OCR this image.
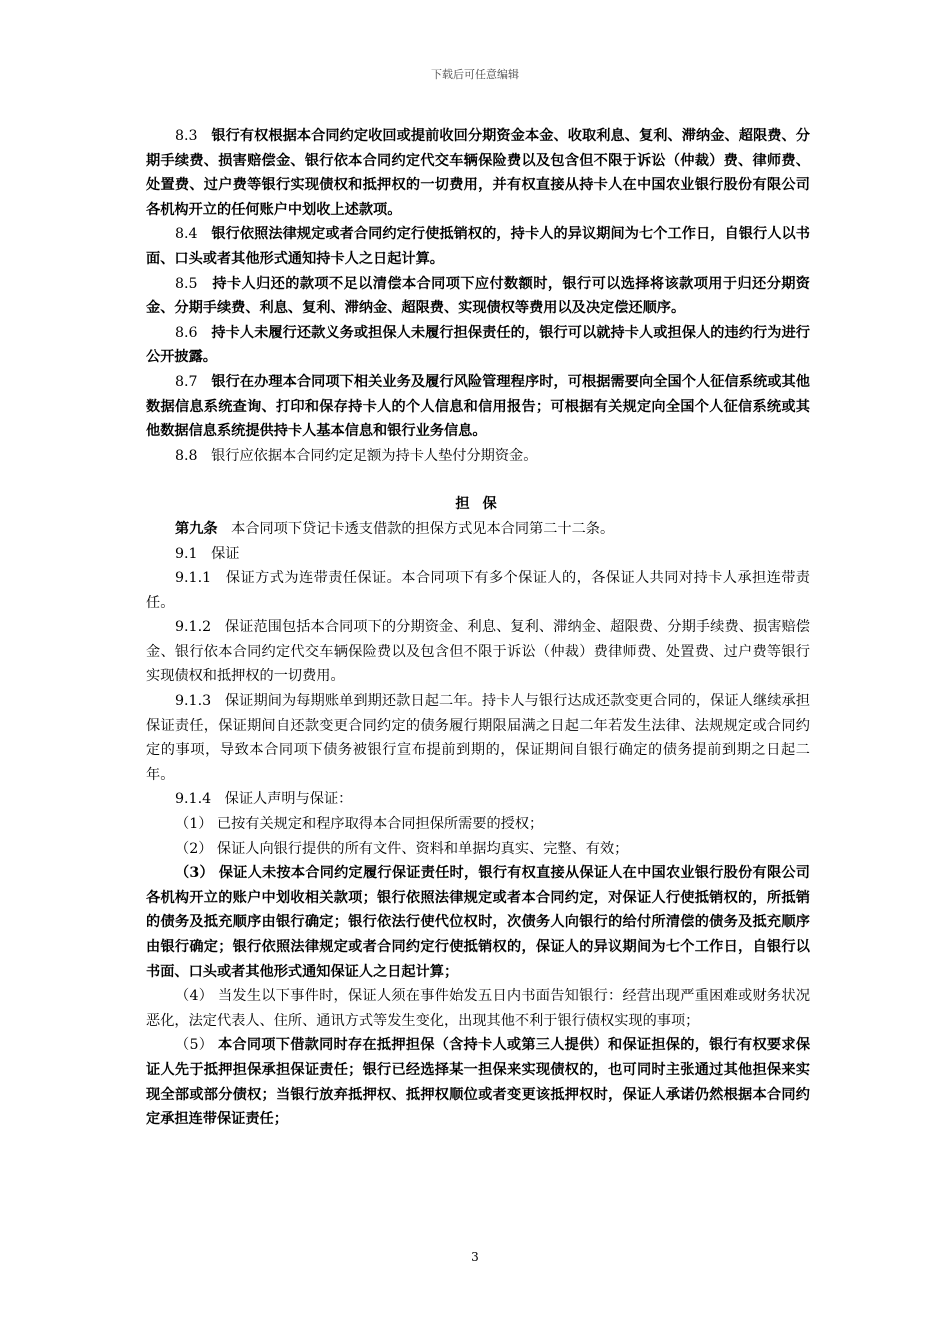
下载后可任意编辑

8.3 银行有权根据本合同约定收回或提前收回分期资金本金、收取利息、复利、滞纳金、超限费、分期手续费、损害赔偿金、银行依本合同约定代交车辆保险费以及包含但不限于诉讼（仲裁）费、律师费、处置费、过户费等银行实现债权和抵押权的一切费用，并有权直接从持卡人在中国农业银行股份有限公司各机构开立的任何账户中划收上述款项。

8.4 银行依照法律规定或者合同约定行使抵销权的，持卡人的异议期间为七个工作日，自银行人以书面、口头或者其他形式通知持卡人之日起计算。

8.5 持卡人归还的款项不足以清偿本合同项下应付数额时，银行可以选择将该款项用于归还分期资金、分期手续费、利息、复利、滞纳金、超限费、实现债权等费用以及决定偿还顺序。

8.6 持卡人未履行还款义务或担保人未履行担保责任的，银行可以就持卡人或担保人的违约行为进行公开披露。

8.7 银行在办理本合同项下相关业务及履行风险管理程序时，可根据需要向全国个人征信系统或其他数据信息系统查询、打印和保存持卡人的个人信息和信用报告；可根据有关规定向全国个人征信系统或其他数据信息系统提供持卡人基本信息和银行业务信息。

8.8 银行应依据本合同约定足额为持卡人垫付分期资金。

担 保

第九条 本合同项下贷记卡透支借款的担保方式见本合同第二十二条。

9.1 保证

9.1.1 保证方式为连带责任保证。本合同项下有多个保证人的，各保证人共同对持卡人承担连带责任。

9.1.2 保证范围包括本合同项下的分期资金、利息、复利、滞纳金、超限费、分期手续费、损害赔偿金、银行依本合同约定代交车辆保险费以及包含但不限于诉讼（仲裁）费律师费、处置费、过户费等银行实现债权和抵押权的一切费用。

9.1.3 保证期间为每期账单到期还款日起二年。持卡人与银行达成还款变更合同的，保证人继续承担保证责任，保证期间自还款变更合同约定的债务履行期限届满之日起二年若发生法律、法规规定或合同约定的事项，导致本合同项下债务被银行宣布提前到期的，保证期间自银行确定的债务提前到期之日起二年。

9.1.4 保证人声明与保证：

（1） 已按有关规定和程序取得本合同担保所需要的授权；

（2） 保证人向银行提供的所有文件、资料和单据均真实、完整、有效；

（3） 保证人未按本合同约定履行保证责任时，银行有权直接从保证人在中国农业银行股份有限公司各机构开立的账户中划收相关款项；银行依照法律规定或者本合同约定，对保证人行使抵销权的，所抵销的债务及抵充顺序由银行确定；银行依法行使代位权时，次债务人向银行的给付所清偿的债务及抵充顺序由银行确定；银行依照法律规定或者合同约定行使抵销权的，保证人的异议期间为七个工作日，自银行以书面、口头或者其他形式通知保证人之日起计算；

（4） 当发生以下事件时，保证人须在事件始发五日内书面告知银行：经营出现严重困难或财务状况恶化，法定代表人、住所、通讯方式等发生变化，出现其他不利于银行债权实现的事项；

（5） 本合同项下借款同时存在抵押担保（含持卡人或第三人提供）和保证担保的，银行有权要求保证人先于抵押担保承担保证责任；银行已经选择某一担保来实现债权的，也可同时主张通过其他担保来实现全部或部分债权；当银行放弃抵押权、抵押权顺位或者变更该抵押权时，保证人承诺仍然根据本合同约定承担连带保证责任；

3
